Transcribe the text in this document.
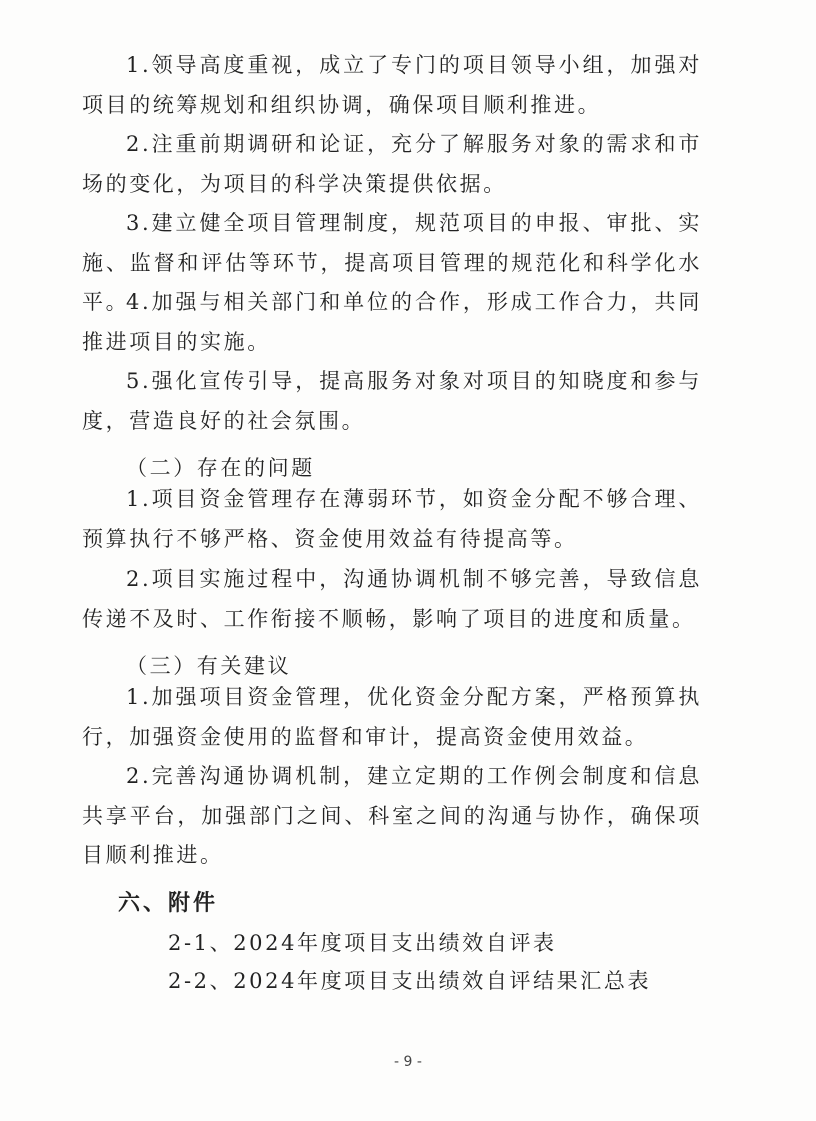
1.领导高度重视，成立了专门的项目领导小组，加强对项目的统筹规划和组织协调，确保项目顺利推进。

2.注重前期调研和论证，充分了解服务对象的需求和市场的变化，为项目的科学决策提供依据。

3.建立健全项目管理制度，规范项目的申报、审批、实施、监督和评估等环节，提高项目管理的规范化和科学化水平。

4.加强与相关部门和单位的合作，形成工作合力，共同推进项目的实施。

5.强化宣传引导，提高服务对象对项目的知晓度和参与度，营造良好的社会氛围。

（二）存在的问题

1.项目资金管理存在薄弱环节，如资金分配不够合理、预算执行不够严格、资金使用效益有待提高等。

2.项目实施过程中，沟通协调机制不够完善，导致信息传递不及时、工作衔接不顺畅，影响了项目的进度和质量。

（三）有关建议

1.加强项目资金管理，优化资金分配方案，严格预算执行，加强资金使用的监督和审计，提高资金使用效益。

2.完善沟通协调机制，建立定期的工作例会制度和信息共享平台，加强部门之间、科室之间的沟通与协作，确保项目顺利推进。

六、附件

2-1、2024年度项目支出绩效自评表

2-2、2024年度项目支出绩效自评结果汇总表

- 9 -
